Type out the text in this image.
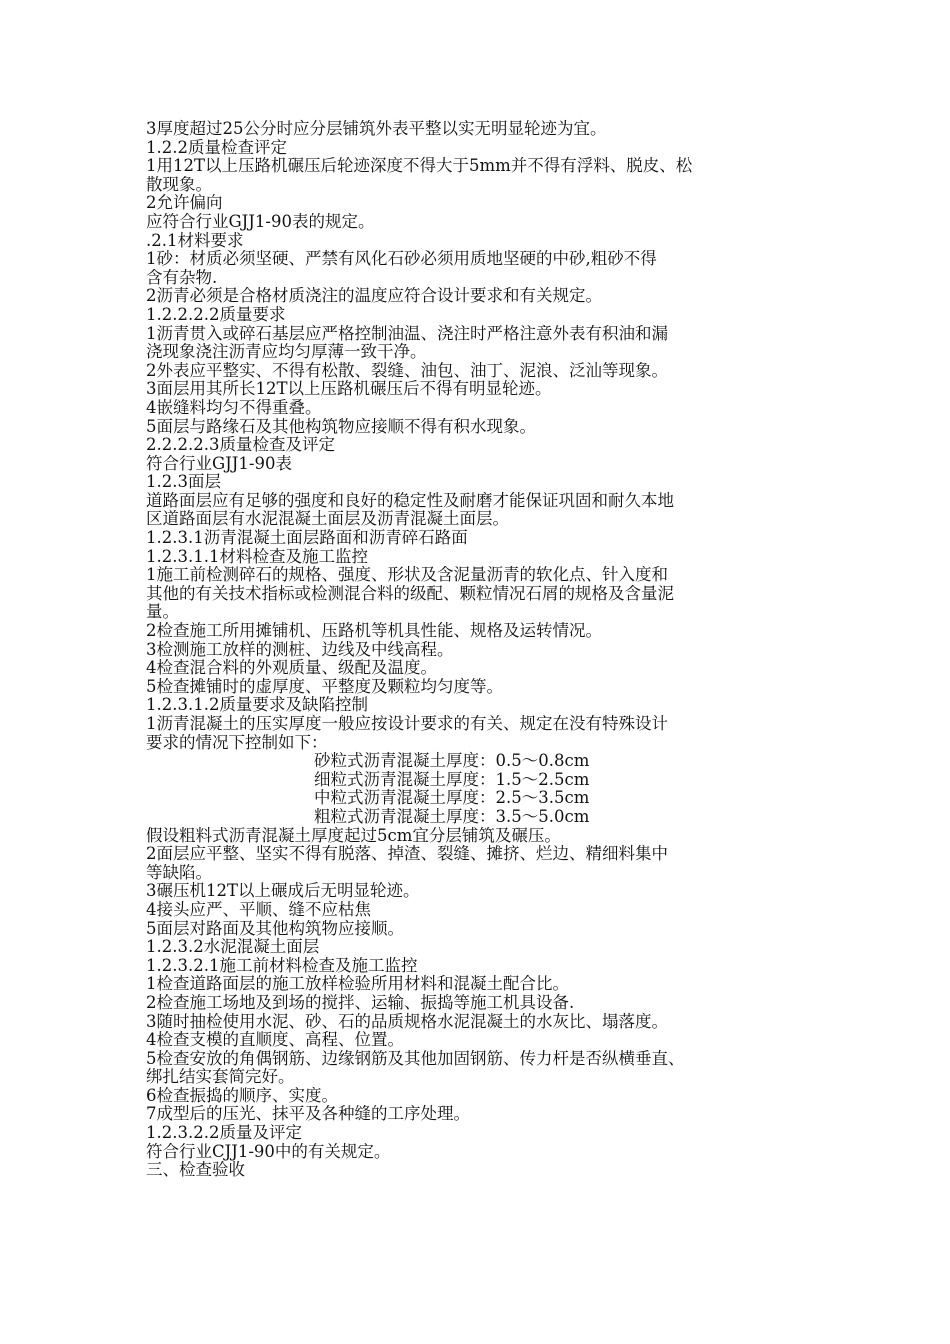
3厚度超过25公分时应分层铺筑外表平整以实无明显轮迹为宜。
1.2.2质量检查评定
1用12T以上压路机碾压后轮迹深度不得大于5mm并不得有浮料、脱皮、松
散现象。
2允许偏向
应符合行业GJJ1-90表的规定。
.2.1材料要求
1砂：材质必须坚硬、严禁有风化石砂必须用质地坚硬的中砂,粗砂不得
含有杂物.
2沥青必须是合格材质浇注的温度应符合设计要求和有关规定。
1.2.2.2.2质量要求
1沥青贯入或碎石基层应严格控制油温、浇注时严格注意外表有积油和漏
浇现象浇注沥青应均匀厚薄一致干净。
2外表应平整实、不得有松散、裂缝、油包、油丁、泥浪、泛汕等现象。
3面层用其所长12T以上压路机碾压后不得有明显轮迹。
4嵌缝料均匀不得重叠。
5面层与路缘石及其他构筑物应接顺不得有积水现象。
2.2.2.2.3质量检查及评定
符合行业GJJ1-90表
1.2.3面层
道路面层应有足够的强度和良好的稳定性及耐磨才能保证巩固和耐久本地
区道路面层有水泥混凝土面层及沥青混凝土面层。
1.2.3.1沥青混凝土面层路面和沥青碎石路面
1.2.3.1.1材料检查及施工监控
1施工前检测碎石的规格、强度、形状及含泥量沥青的软化点、针入度和
其他的有关技术指标或检测混合料的级配、颗粒情况石屑的规格及含量泥
量。
2检查施工所用摊铺机、压路机等机具性能、规格及运转情况。
3检测施工放样的测桩、边线及中线高程。
4检查混合料的外观质量、级配及温度。
5检查摊铺时的虚厚度、平整度及颗粒均匀度等。
1.2.3.1.2质量要求及缺陷控制
1沥青混凝土的压实厚度一般应按设计要求的有关、规定在没有特殊设计
要求的情况下控制如下：
砂粒式沥青混凝土厚度：0.5～0.8cm
细粒式沥青混凝土厚度：1.5～2.5cm
中粒式沥青混凝土厚度：2.5～3.5cm
粗粒式沥青混凝土厚度：3.5～5.0cm
假设粗料式沥青混凝土厚度起过5cm宜分层铺筑及碾压。
2面层应平整、坚实不得有脱落、掉渣、裂缝、摊挤、烂边、精细料集中
等缺陷。
3碾压机12T以上碾成后无明显轮迹。
4接头应严、平顺、缝不应枯焦
5面层对路面及其他构筑物应接顺。
1.2.3.2水泥混凝土面层
1.2.3.2.1施工前材料检查及施工监控
1检查道路面层的施工放样检验所用材料和混凝土配合比。
2检查施工场地及到场的搅拌、运输、振捣等施工机具设备.
3随时抽检使用水泥、砂、石的品质规格水泥混凝土的水灰比、塌落度。
4检查支模的直顺度、高程、位置。
5检查安放的角偶钢筋、边缘钢筋及其他加固钢筋、传力杆是否纵横垂直、
绑扎结实套简完好。
6检查振捣的顺序、实度。
7成型后的压光、抹平及各种缝的工序处理。
1.2.3.2.2质量及评定
符合行业CJJ1-90中的有关规定。
三、检查验收
